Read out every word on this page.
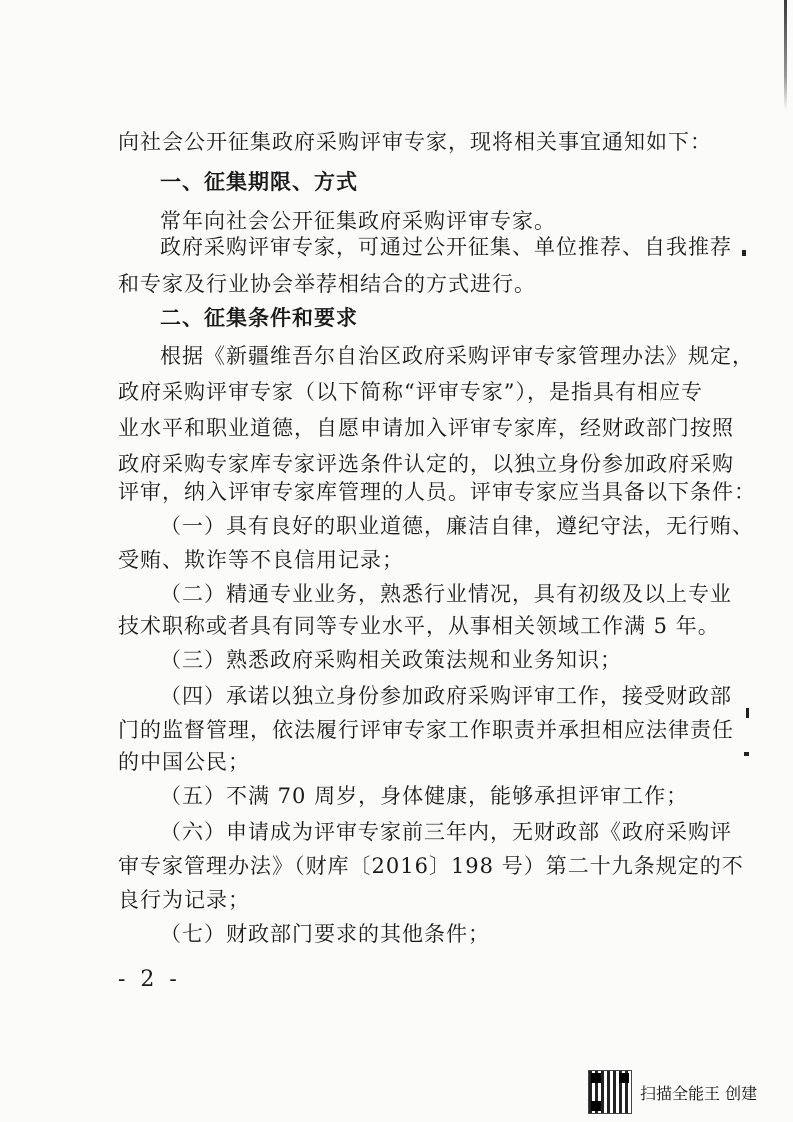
向社会公开征集政府采购评审专家，现将相关事宜通知如下：
一、征集期限、方式
常年向社会公开征集政府采购评审专家。
政府采购评审专家，可通过公开征集、单位推荐、自我推荐
和专家及行业协会举荐相结合的方式进行。
二、征集条件和要求
根据《新疆维吾尔自治区政府采购评审专家管理办法》规定，
政府采购评审专家（以下简称“评审专家”），是指具有相应专
业水平和职业道德，自愿申请加入评审专家库，经财政部门按照
政府采购专家库专家评选条件认定的，以独立身份参加政府采购
评审，纳入评审专家库管理的人员。评审专家应当具备以下条件：
（一）具有良好的职业道德，廉洁自律，遵纪守法，无行贿、
受贿、欺诈等不良信用记录；
（二）精通专业业务，熟悉行业情况，具有初级及以上专业
技术职称或者具有同等专业水平，从事相关领域工作满 5 年。
（三）熟悉政府采购相关政策法规和业务知识；
（四）承诺以独立身份参加政府采购评审工作，接受财政部
门的监督管理，依法履行评审专家工作职责并承担相应法律责任
的中国公民；
（五）不满 70 周岁，身体健康，能够承担评审工作；
（六）申请成为评审专家前三年内，无财政部《政府采购评
审专家管理办法》（财库〔2016〕198 号）第二十九条规定的不
良行为记录；
（七）财政部门要求的其他条件；
- 2 -
扫描全能王 创建
